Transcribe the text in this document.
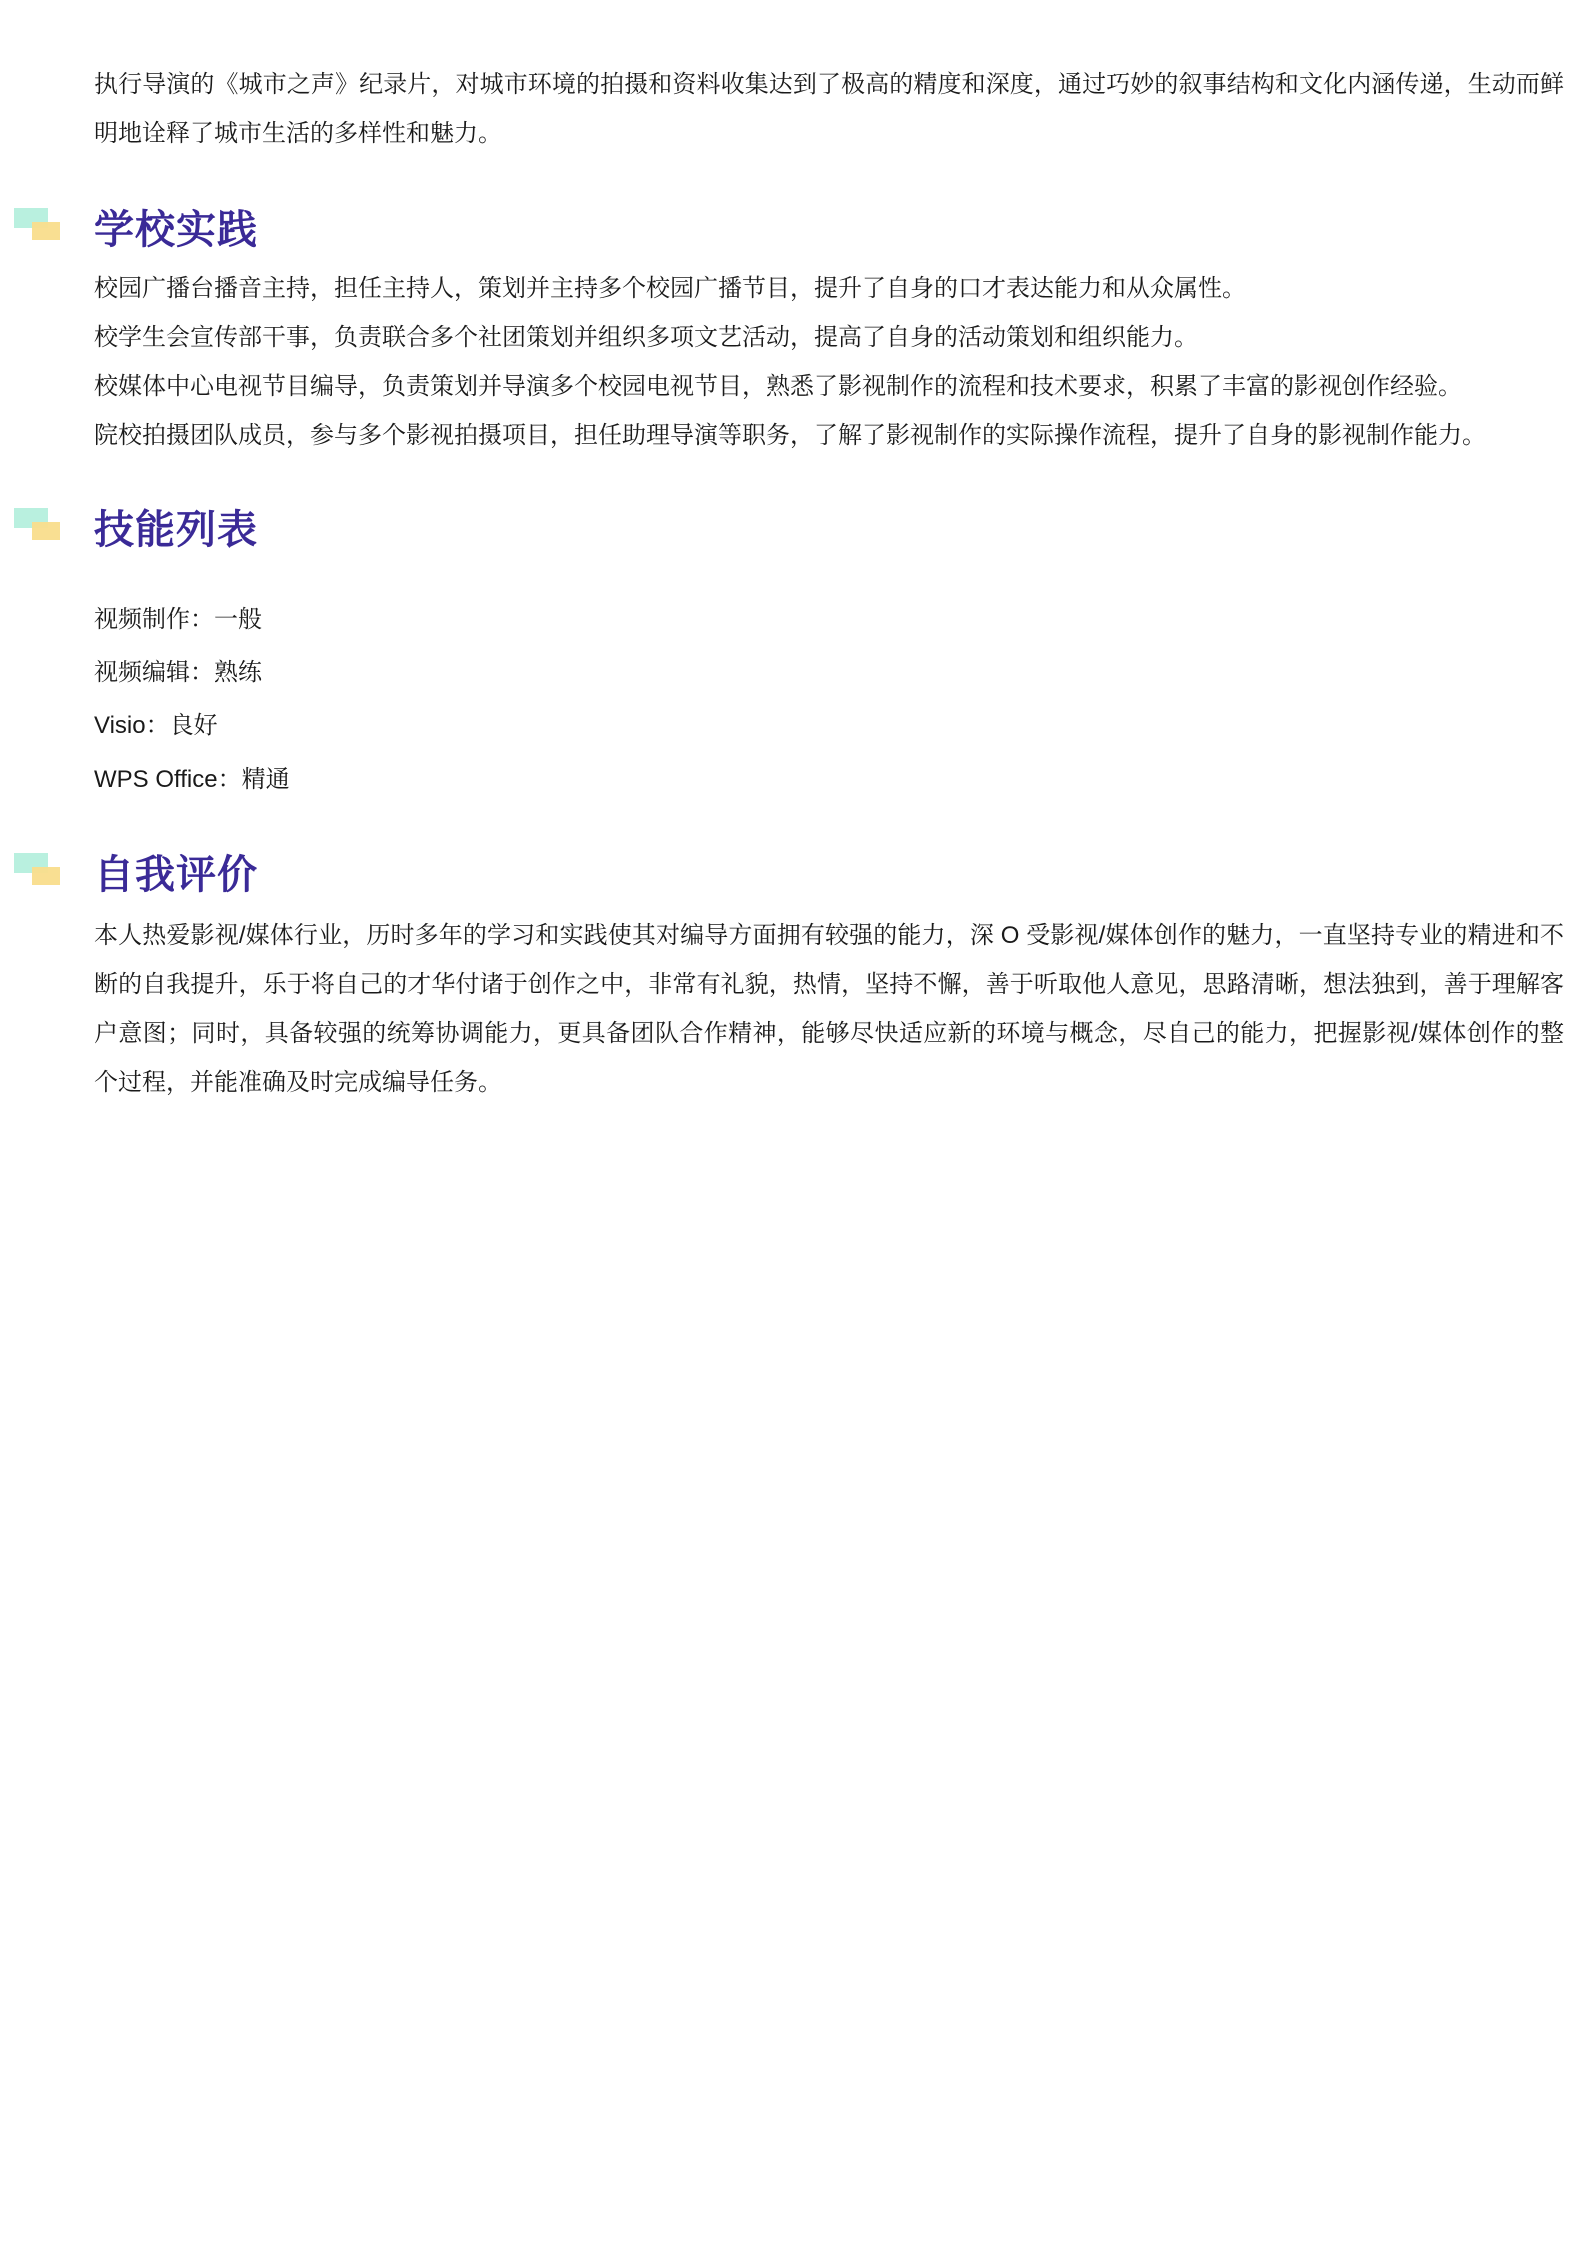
执行导演的《城市之声》纪录片，对城市环境的拍摄和资料收集达到了极高的精度和深度，通过巧妙的叙事结构和文化内涵传递，生动而鲜明地诠释了城市生活的多样性和魅力。

学校实践

校园广播台播音主持，担任主持人，策划并主持多个校园广播节目，提升了自身的口才表达能力和从众属性。

校学生会宣传部干事，负责联合多个社团策划并组织多项文艺活动，提高了自身的活动策划和组织能力。

校媒体中心电视节目编导，负责策划并导演多个校园电视节目，熟悉了影视制作的流程和技术要求，积累了丰富的影视创作经验。

院校拍摄团队成员，参与多个影视拍摄项目，担任助理导演等职务，了解了影视制作的实际操作流程，提升了自身的影视制作能力。

技能列表

视频制作：一般

视频编辑：熟练

Visio：良好

WPS Office：精通

自我评价

本人热爱影视/媒体行业，历时多年的学习和实践使其对编导方面拥有较强的能力，深 O 受影视/媒体创作的魅力，一直坚持专业的精进和不断的自我提升，乐于将自己的才华付诸于创作之中，非常有礼貌，热情，坚持不懈，善于听取他人意见，思路清晰，想法独到，善于理解客户意图；同时，具备较强的统筹协调能力，更具备团队合作精神，能够尽快适应新的环境与概念，尽自己的能力，把握影视/媒体创作的整个过程，并能准确及时完成编导任务。
